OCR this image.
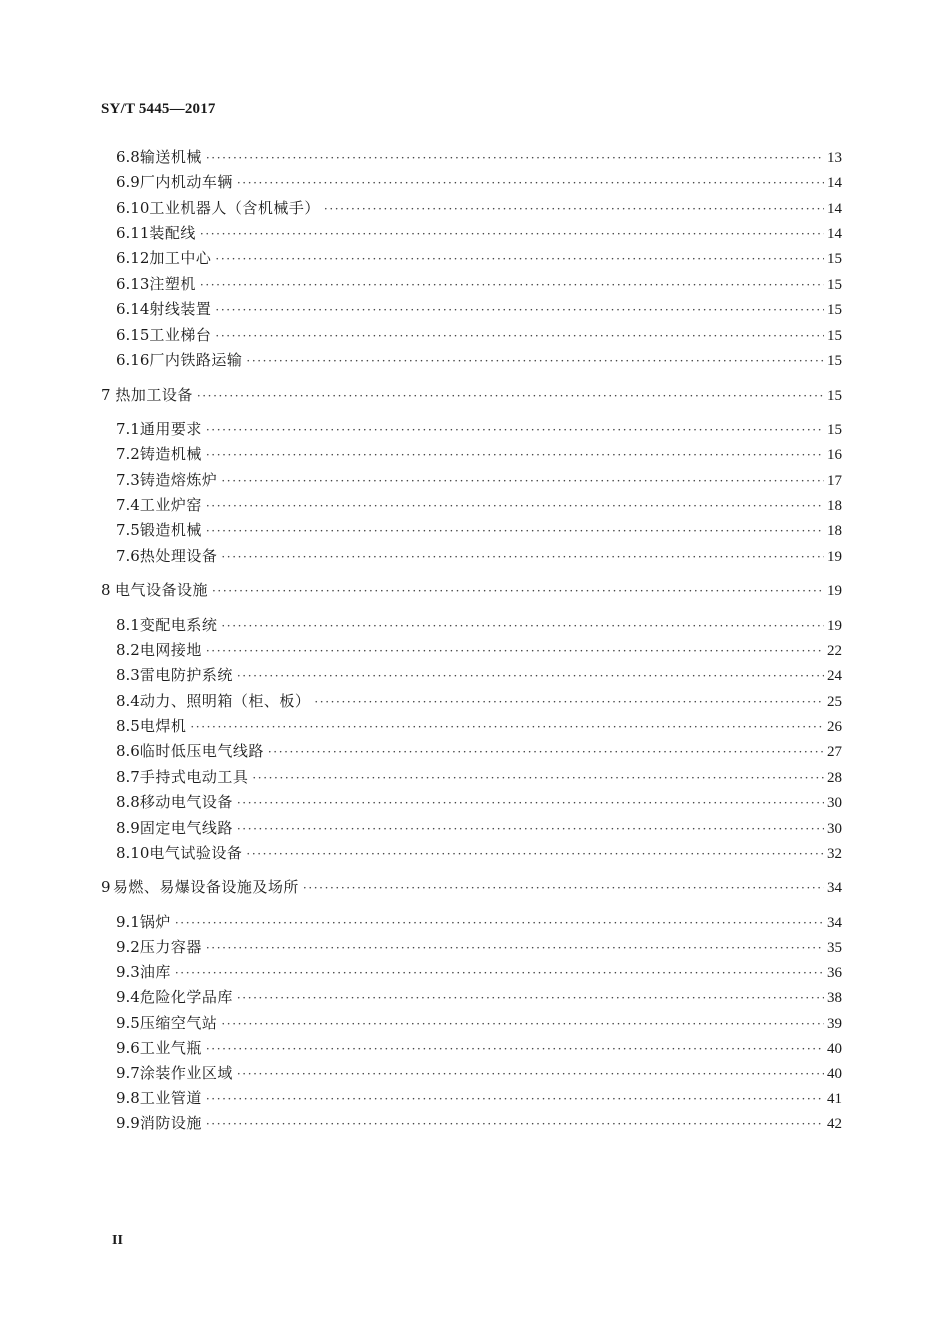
SY/T 5445—2017
6.8 输送机械 ·····	13
6.9 厂内机动车辆 ·····	14
6.10 工业机器人（含机械手） ·····	14
6.11 装配线 ·····	14
6.12 加工中心 ·····	15
6.13 注塑机 ·····	15
6.14 射线装置 ·····	15
6.15 工业梯台 ·····	15
6.16 厂内铁路运输 ·····	15
7 热加工设备 ·····	15
7.1 通用要求 ·····	15
7.2 铸造机械 ·····	16
7.3 铸造熔炼炉 ·····	17
7.4 工业炉窑 ·····	18
7.5 锻造机械 ·····	18
7.6 热处理设备 ·····	19
8 电气设备设施 ·····	19
8.1 变配电系统 ·····	19
8.2 电网接地 ·····	22
8.3 雷电防护系统 ·····	24
8.4 动力、照明箱（柜、板） ·····	25
8.5 电焊机 ·····	26
8.6 临时低压电气线路 ·····	27
8.7 手持式电动工具 ·····	28
8.8 移动电气设备 ·····	30
8.9 固定电气线路 ·····	30
8.10 电气试验设备 ·····	32
9 易燃、易爆设备设施及场所 ·····	34
9.1 锅炉 ·····	34
9.2 压力容器 ·····	35
9.3 油库 ·····	36
9.4 危险化学品库 ·····	38
9.5 压缩空气站 ·····	39
9.6 工业气瓶 ·····	40
9.7 涂装作业区域 ·····	40
9.8 工业管道 ·····	41
9.9 消防设施 ·····	42
II
